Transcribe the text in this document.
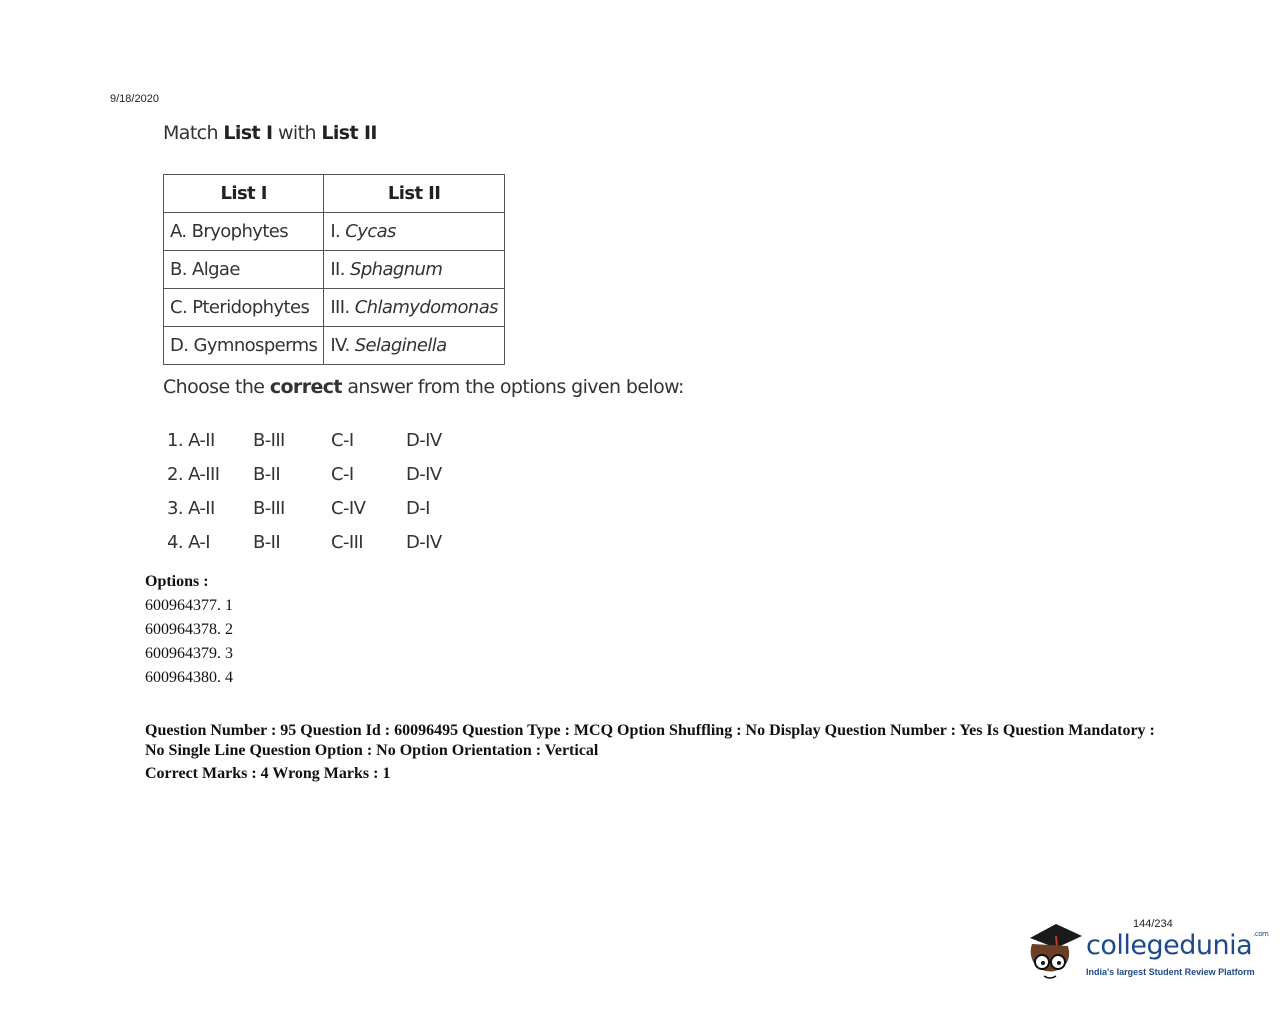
9/18/2020
Match List I with List II
List I	List II
A. Bryophytes	I. Cycas
B. Algae	II. Sphagnum
C. Pteridophytes	III. Chlamydomonas
D. Gymnosperms	IV. Selaginella
Choose the correct answer from the options given below:
1. A-II B-III	C-I	D-IV
2. A-III B-II	C-I	D-IV
3. A-II B-III	C-IV D-I
4. A-I B-II	C-III D-IV
Options :
600964377. 1
600964378. 2
600964379. 3
600964380. 4
Question Number : 95 Question Id : 60096495 Question Type : MCQ Option Shuffling : No Display Question Number : Yes Is Question Mandatory : No Single Line Question Option : No Option Orientation : Vertical
Correct Marks : 4 Wrong Marks : 1
144/234
collegedunia$^{.com}$
India's largest Student Review Platform
